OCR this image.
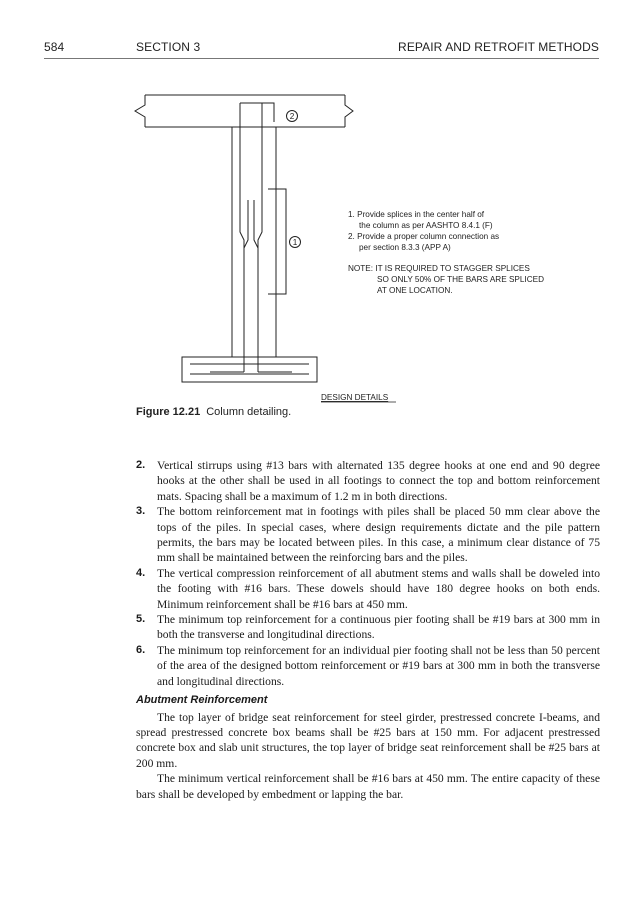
584	SECTION 3	REPAIR AND RETROFIT METHODS
2
1
1. Provide splices in the center half of
the column as per AASHTO 8.4.1 (F)
2. Provide a proper column connection as
per section 8.3.3 (APP A)
NOTE: IT IS REQUIRED TO STAGGER SPLICES
SO ONLY 50% OF THE BARS ARE SPLICED
AT ONE LOCATION.
DESIGN DETAILS
Figure 12.21 Column detailing.
2. Vertical stirrups using #13 bars with alternated 135 degree hooks at one end and 90 degree hooks at the other shall be used in all footings to connect the top and bottom reinforcement mats. Spacing shall be a maximum of 1.2 m in both directions.
3. The bottom reinforcement mat in footings with piles shall be placed 50 mm clear above the tops of the piles. In special cases, where design requirements dictate and the pile pattern permits, the bars may be located between piles. In this case, a minimum clear distance of 75 mm shall be maintained between the reinforcing bars and the piles.
4. The vertical compression reinforcement of all abutment stems and walls shall be doweled into the footing with #16 bars. These dowels should have 180 degree hooks on both ends. Minimum reinforcement shall be #16 bars at 450 mm.
5. The minimum top reinforcement for a continuous pier footing shall be #19 bars at 300 mm in both the transverse and longitudinal directions.
6. The minimum top reinforcement for an individual pier footing shall not be less than 50 percent of the area of the designed bottom reinforcement or #19 bars at 300 mm in both the transverse and longitudinal directions.
Abutment Reinforcement
The top layer of bridge seat reinforcement for steel girder, prestressed concrete I-beams, and spread prestressed concrete box beams shall be #25 bars at 150 mm. For adjacent prestressed concrete box and slab unit structures, the top layer of bridge seat reinforcement shall be #25 bars at 200 mm.
The minimum vertical reinforcement shall be #16 bars at 450 mm. The entire capacity of these bars shall be developed by embedment or lapping the bar.
